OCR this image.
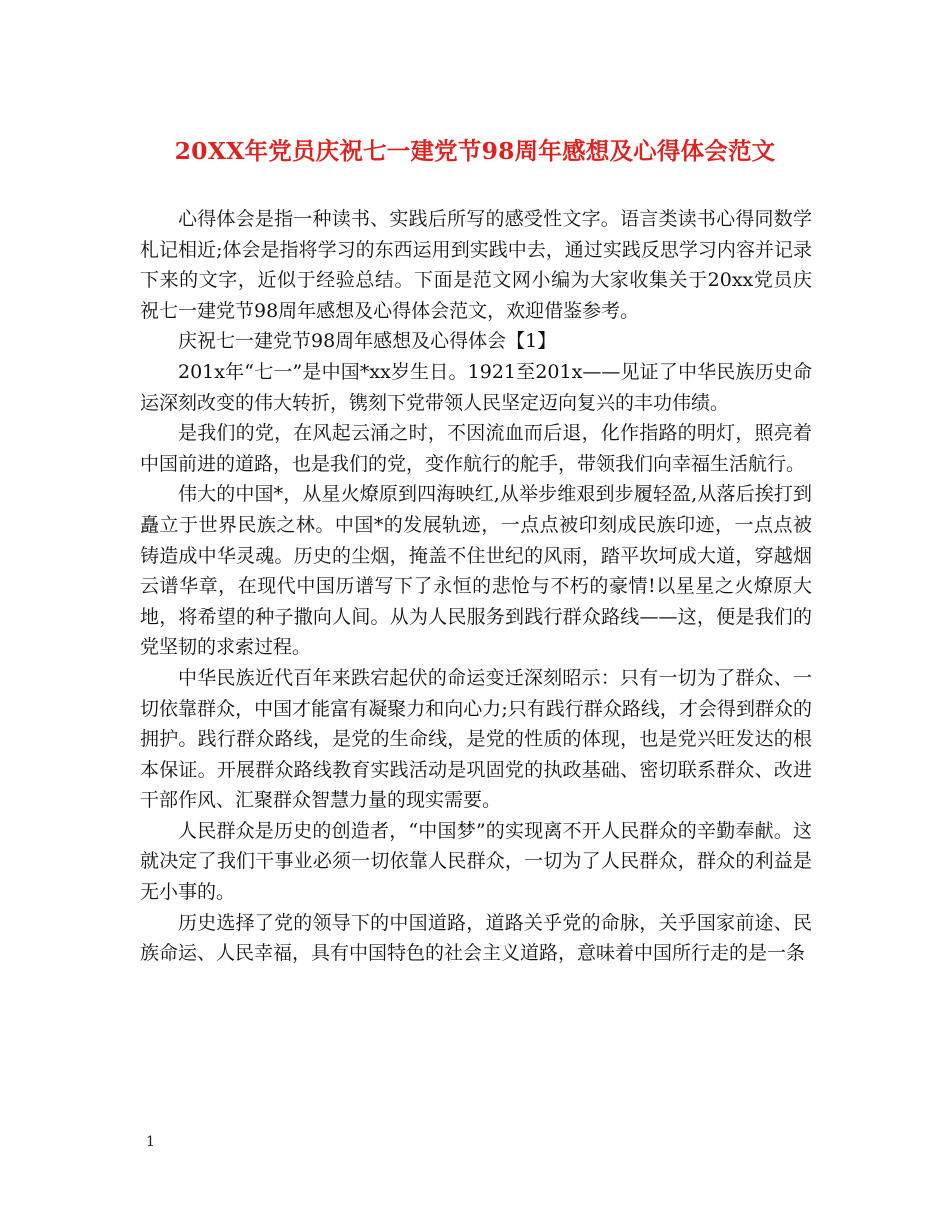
20XX年党员庆祝七一建党节98周年感想及心得体会范文

心得体会是指一种读书、实践后所写的感受性文字。语言类读书心得同数学札记相近;体会是指将学习的东西运用到实践中去，通过实践反思学习内容并记录下来的文字，近似于经验总结。下面是范文网小编为大家收集关于20xx党员庆祝七一建党节98周年感想及心得体会范文，欢迎借鉴参考。

庆祝七一建党节98周年感想及心得体会【1】

201x年“七一”是中国*xx岁生日。1921至201x——见证了中华民族历史命运深刻改变的伟大转折，镌刻下党带领人民坚定迈向复兴的丰功伟绩。

是我们的党，在风起云涌之时，不因流血而后退，化作指路的明灯，照亮着中国前进的道路，也是我们的党，变作航行的舵手，带领我们向幸福生活航行。

伟大的中国*，从星火燎原到四海映红,从举步维艰到步履轻盈,从落后挨打到矗立于世界民族之林。中国*的发展轨迹，一点点被印刻成民族印迹，一点点被铸造成中华灵魂。历史的尘烟，掩盖不住世纪的风雨，踏平坎坷成大道，穿越烟云谱华章，在现代中国历谱写下了永恒的悲怆与不朽的豪情!以星星之火燎原大地，将希望的种子撒向人间。从为人民服务到践行群众路线——这，便是我们的党坚韧的求索过程。

中华民族近代百年来跌宕起伏的命运变迁深刻昭示：只有一切为了群众、一切依靠群众，中国才能富有凝聚力和向心力;只有践行群众路线，才会得到群众的拥护。践行群众路线，是党的生命线，是党的性质的体现，也是党兴旺发达的根本保证。开展群众路线教育实践活动是巩固党的执政基础、密切联系群众、改进干部作风、汇聚群众智慧力量的现实需要。

人民群众是历史的创造者，“中国梦”的实现离不开人民群众的辛勤奉献。这就决定了我们干事业必须一切依靠人民群众，一切为了人民群众，群众的利益是无小事的。

历史选择了党的领导下的中国道路，道路关乎党的命脉，关乎国家前途、民族命运、人民幸福，具有中国特色的社会主义道路，意味着中国所行走的是一条

1
